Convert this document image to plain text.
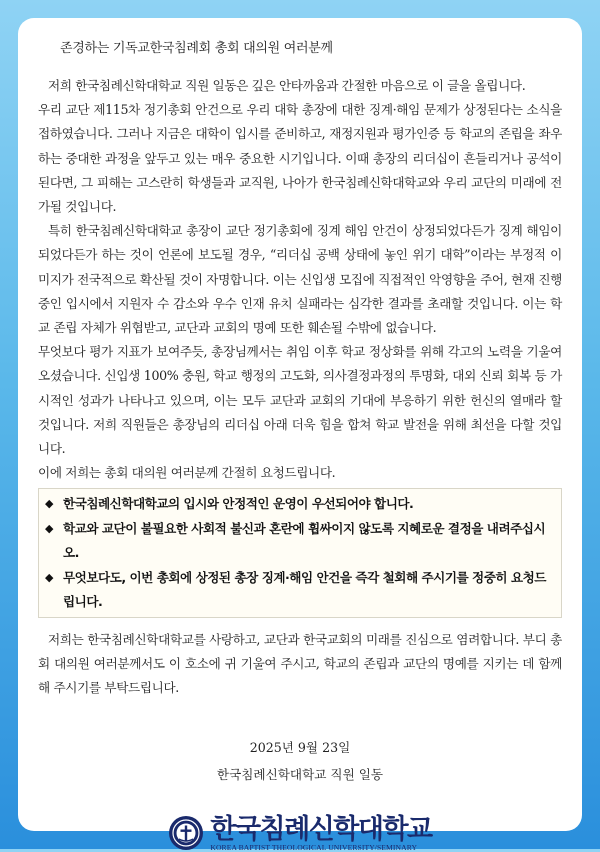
존경하는 기독교한국침례회 총회 대의원 여러분께

저희 한국침례신학대학교 직원 일동은 깊은 안타까움과 간절한 마음으로 이 글을 올립니다.

우리 교단 제115차 정기총회 안건으로 우리 대학 총장에 대한 징계·해임 문제가 상정된다는 소식을 접하였습니다. 그러나 지금은 대학이 입시를 준비하고, 재정지원과 평가인증 등 학교의 존립을 좌우하는 중대한 과정을 앞두고 있는 매우 중요한 시기입니다. 이때 총장의 리더십이 흔들리거나 공석이 된다면, 그 피해는 고스란히 학생들과 교직원, 나아가 한국침례신학대학교와 우리 교단의 미래에 전가될 것입니다.

특히 한국침례신학대학교 총장이 교단 정기총회에 징계 해임 안건이 상정되었다든가 징계 해임이 되었다든가 하는 것이 언론에 보도될 경우, “리더십 공백 상태에 놓인 위기 대학”이라는 부정적 이미지가 전국적으로 확산될 것이 자명합니다. 이는 신입생 모집에 직접적인 악영향을 주어, 현재 진행 중인 입시에서 지원자 수 감소와 우수 인재 유치 실패라는 심각한 결과를 초래할 것입니다. 이는 학교 존립 자체가 위협받고, 교단과 교회의 명예 또한 훼손될 수밖에 없습니다.

무엇보다 평가 지표가 보여주듯, 총장님께서는 취임 이후 학교 정상화를 위해 각고의 노력을 기울여 오셨습니다. 신입생 100% 충원, 학교 행정의 고도화, 의사결정과정의 투명화, 대외 신뢰 회복 등 가시적인 성과가 나타나고 있으며, 이는 모두 교단과 교회의 기대에 부응하기 위한 헌신의 열매라 할 것입니다. 저희 직원들은 총장님의 리더십 아래 더욱 힘을 합쳐 학교 발전을 위해 최선을 다할 것입니다.

이에 저희는 총회 대의원 여러분께 간절히 요청드립니다.

◆ 한국침례신학대학교의 입시와 안정적인 운영이 우선되어야 합니다.
◆ 학교와 교단이 불필요한 사회적 불신과 혼란에 휩싸이지 않도록 지혜로운 결정을 내려주십시오.
◆ 무엇보다도, 이번 총회에 상정된 총장 징계·해임 안건을 즉각 철회해 주시기를 정중히 요청드립니다.

저희는 한국침례신학대학교를 사랑하고, 교단과 한국교회의 미래를 진심으로 염려합니다. 부디 총회 대의원 여러분께서도 이 호소에 귀 기울여 주시고, 학교의 존립과 교단의 명예를 지키는 데 함께해 주시기를 부탁드립니다.

2025년 9월 23일
한국침례신학대학교 직원 일동
한국침례신학대학교
KOREA BAPTIST THEOLOGICAL UNIVERSITY/SEMINARY
